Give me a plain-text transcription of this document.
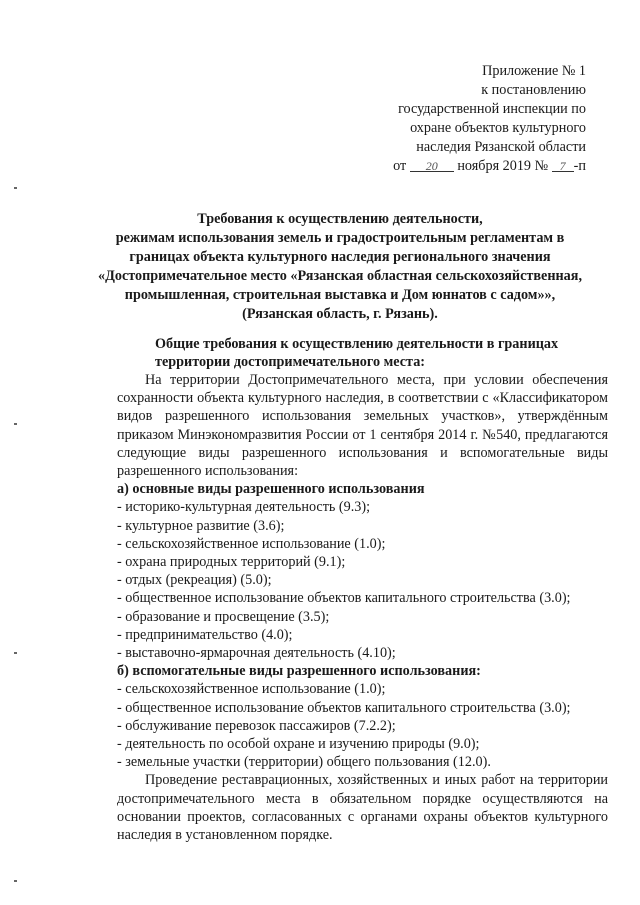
Приложение № 1
к постановлению
государственной инспекции по
охране объектов культурного
наследия Рязанской области
от 20 ноября 2019 № 7 -п
Требования к осуществлению деятельности,
режимам использования земель и градостроительным регламентам в
границах объекта культурного наследия регионального значения
«Достопримечательное место «Рязанская областная сельскохозяйственная,
промышленная, строительная выставка и Дом юннатов с садом»»,
(Рязанская область, г. Рязань).
Общие требования к осуществлению деятельности в границах
территории достопримечательного места:

На территории Достопримечательного места, при условии обеспечения сохранности объекта культурного наследия, в соответствии с «Классификатором видов разрешенного использования земельных участков», утверждённым приказом Минэкономразвития России от 1 сентября 2014 г. №540, предлагаются следующие виды разрешенного использования и вспомогательные виды разрешенного использования:

а) основные виды разрешенного использования

- историко-культурная деятельность (9.3);

- культурное развитие (3.6);

- сельскохозяйственное использование (1.0);

- охрана природных территорий (9.1);

- отдых (рекреация) (5.0);

- общественное использование объектов капитального строительства (3.0);

- образование и просвещение (3.5);

- предпринимательство (4.0);

- выставочно-ярмарочная деятельность (4.10);

б) вспомогательные виды разрешенного использования:

- сельскохозяйственное использование (1.0);

- общественное использование объектов капитального строительства (3.0);

- обслуживание перевозок пассажиров (7.2.2);

- деятельность по особой охране и изучению природы (9.0);

- земельные участки (территории) общего пользования (12.0).

Проведение реставрационных, хозяйственных и иных работ на территории достопримечательного места в обязательном порядке осуществляются на основании проектов, согласованных с органами охраны объектов культурного наследия в установленном порядке.
